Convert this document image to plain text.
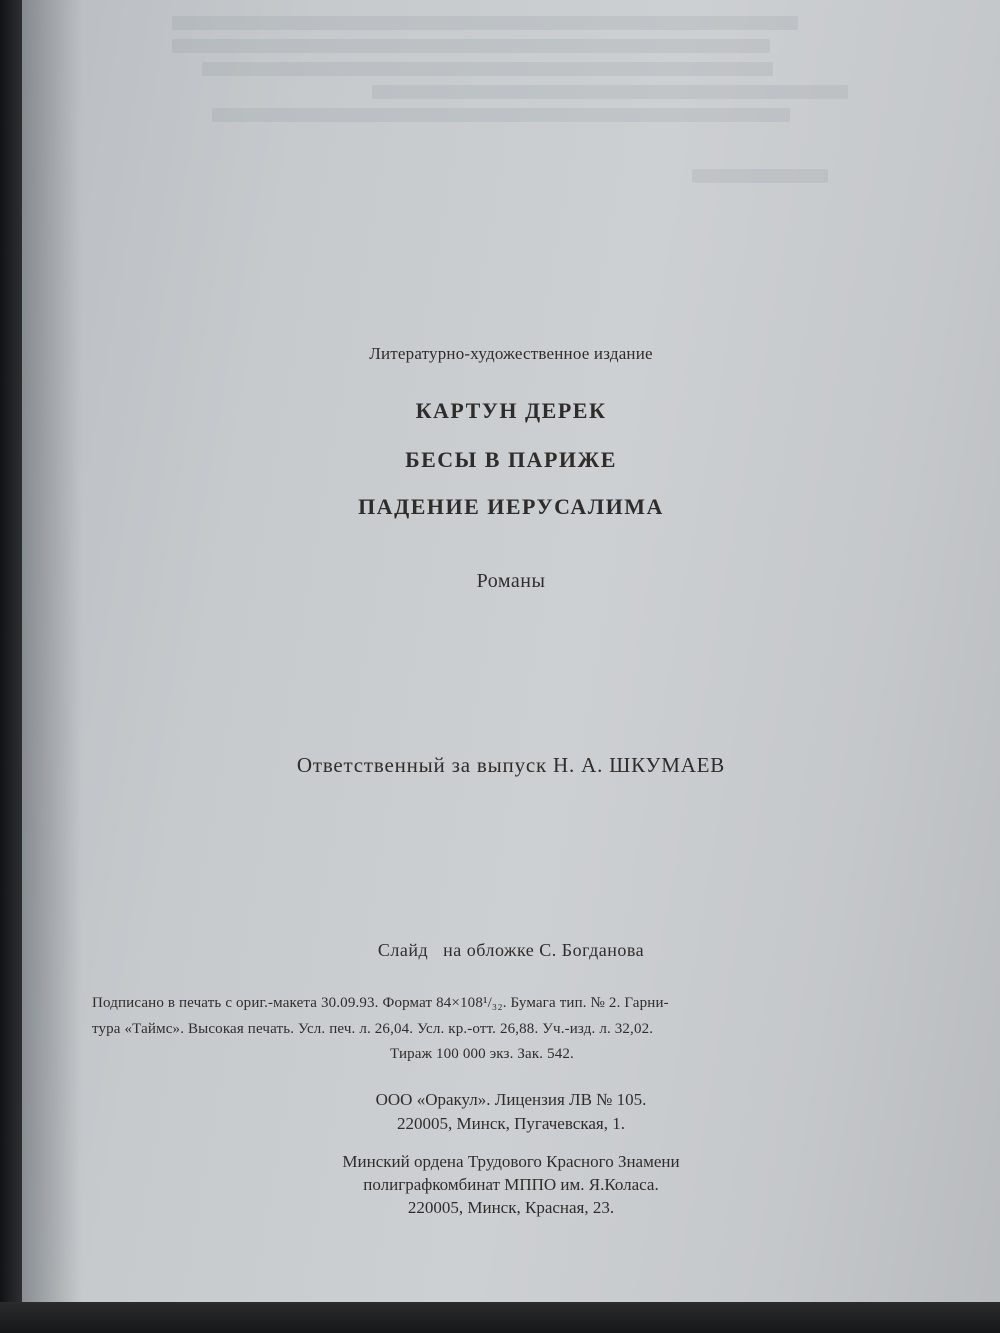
Литературно-художественное издание
КАРТУН ДЕРЕК
БЕСЫ В ПАРИЖЕ
ПАДЕНИЕ ИЕРУСАЛИМА
Романы
Ответственный за выпуск Н. А. ШКУМАЕВ
Слайд   на обложке С. Богданова
Подписано в печать с ориг.-макета 30.09.93. Формат 84×108¹/₃₂. Бумага тип. № 2. Гарни-
тура «Таймс». Высокая печать. Усл. печ. л. 26,04. Усл. кр.-отт. 26,88. Уч.-изд. л. 32,02.
Тираж 100 000 экз. Зак. 542.
ООО «Оракул». Лицензия ЛВ № 105.
220005, Минск, Пугачевская, 1.
Минский ордена Трудового Красного Знамени
полиграфкомбинат МППО им. Я.Коласа.
220005, Минск, Красная, 23.
